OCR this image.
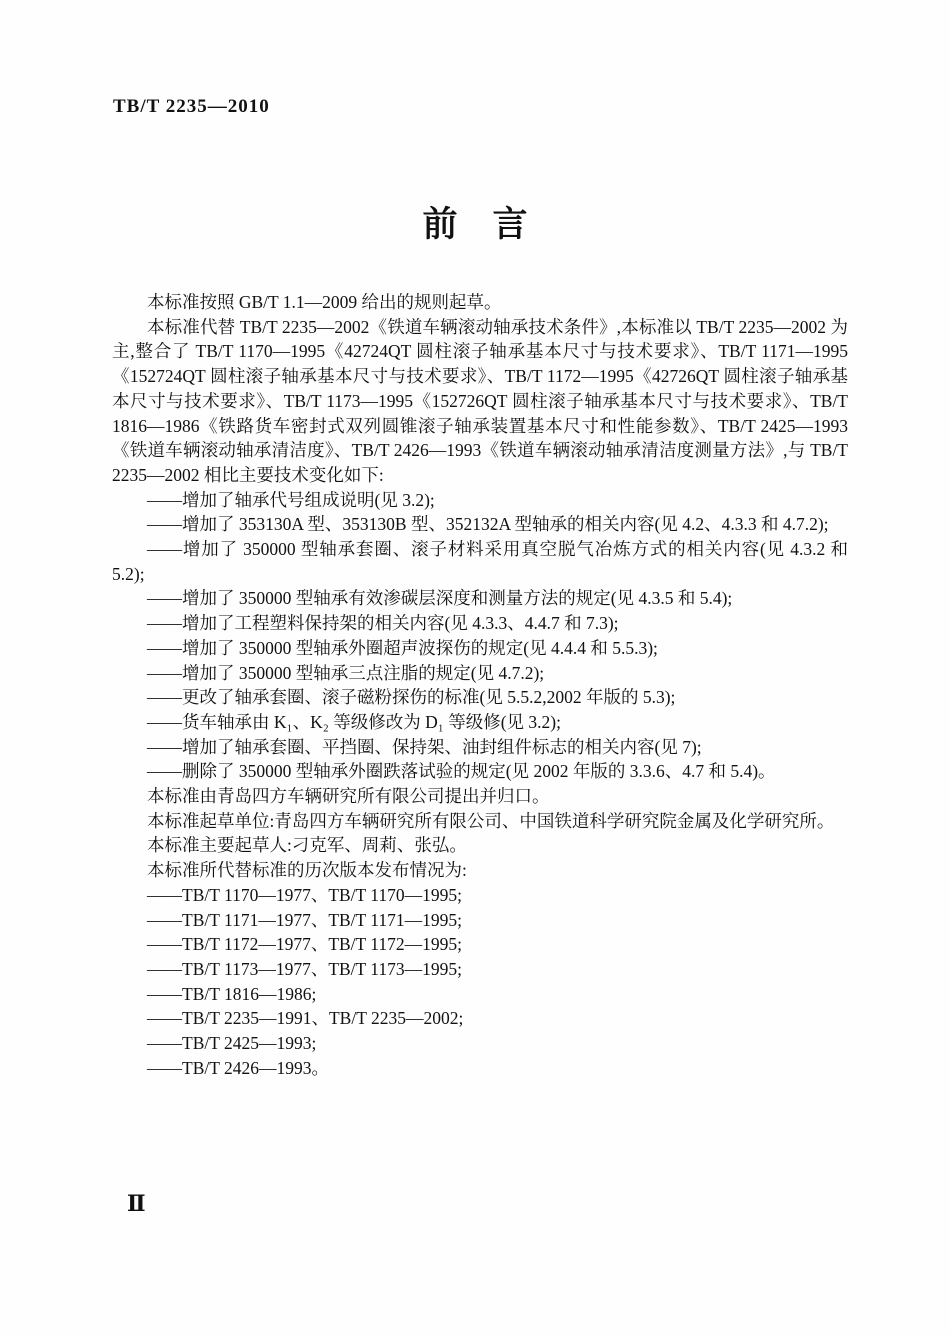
TB/T 2235—2010
前　言

本标准按照 GB/T 1.1—2009 给出的规则起草。

本标准代替 TB/T 2235—2002《铁道车辆滚动轴承技术条件》,本标准以 TB/T 2235—2002 为主,整合了 TB/T 1170—1995《42724QT 圆柱滚子轴承基本尺寸与技术要求》、TB/T 1171—1995《152724QT 圆柱滚子轴承基本尺寸与技术要求》、TB/T 1172—1995《42726QT 圆柱滚子轴承基本尺寸与技术要求》、TB/T 1173—1995《152726QT 圆柱滚子轴承基本尺寸与技术要求》、TB/T 1816—1986《铁路货车密封式双列圆锥滚子轴承装置基本尺寸和性能参数》、TB/T 2425—1993《铁道车辆滚动轴承清洁度》、TB/T 2426—1993《铁道车辆滚动轴承清洁度测量方法》,与 TB/T 2235—2002 相比主要技术变化如下:

——增加了轴承代号组成说明(见 3.2);

——增加了 353130A 型、353130B 型、352132A 型轴承的相关内容(见 4.2、4.3.3 和 4.7.2);

——增加了 350000 型轴承套圈、滚子材料采用真空脱气冶炼方式的相关内容(见 4.3.2 和 5.2);

——增加了 350000 型轴承有效渗碳层深度和测量方法的规定(见 4.3.5 和 5.4);

——增加了工程塑料保持架的相关内容(见 4.3.3、4.4.7 和 7.3);

——增加了 350000 型轴承外圈超声波探伤的规定(见 4.4.4 和 5.5.3);

——增加了 350000 型轴承三点注脂的规定(见 4.7.2);

——更改了轴承套圈、滚子磁粉探伤的标准(见 5.5.2,2002 年版的 5.3);

——货车轴承由 K₁、K₂ 等级修改为 D₁ 等级修(见 3.2);

——增加了轴承套圈、平挡圈、保持架、油封组件标志的相关内容(见 7);

——删除了 350000 型轴承外圈跌落试验的规定(见 2002 年版的 3.3.6、4.7 和 5.4)。

本标准由青岛四方车辆研究所有限公司提出并归口。

本标准起草单位:青岛四方车辆研究所有限公司、中国铁道科学研究院金属及化学研究所。

本标准主要起草人:刁克军、周莉、张弘。

本标准所代替标准的历次版本发布情况为:

——TB/T 1170—1977、TB/T 1170—1995;

——TB/T 1171—1977、TB/T 1171—1995;

——TB/T 1172—1977、TB/T 1172—1995;

——TB/T 1173—1977、TB/T 1173—1995;

——TB/T 1816—1986;

——TB/T 2235—1991、TB/T 2235—2002;

——TB/T 2425—1993;

——TB/T 2426—1993。

Ⅱ
